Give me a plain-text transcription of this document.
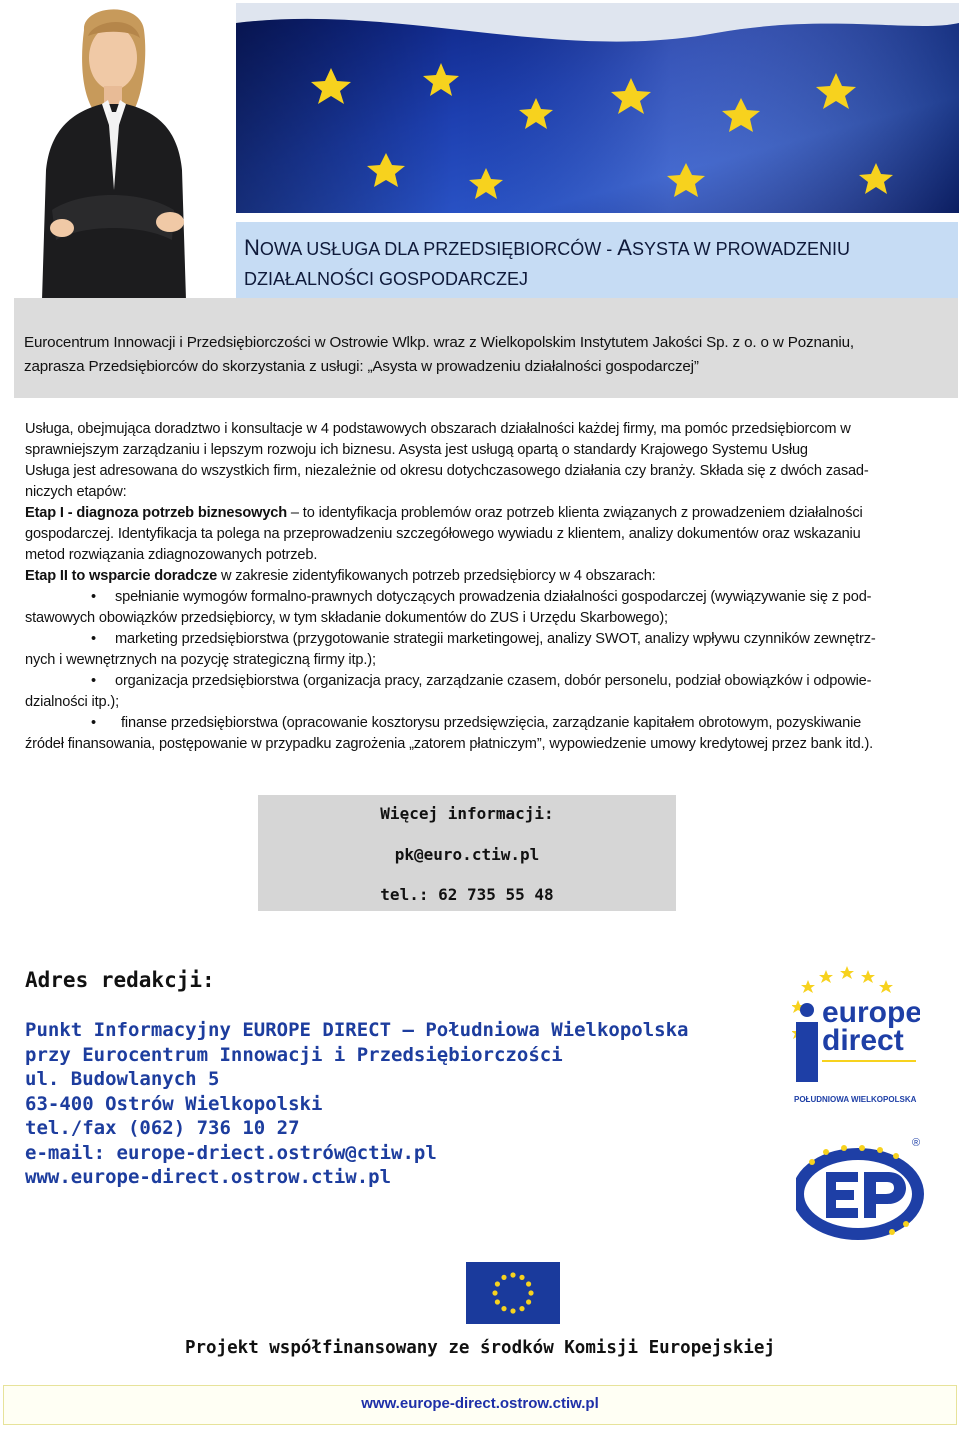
NOWA USŁUGA DLA PRZEDSIĘBIORCÓW - ASYSTA W PROWADZENIU
DZIAŁALNOŚCI GOSPODARCZEJ

Eurocentrum Innowacji i Przedsiębiorczości w Ostrowie Wlkp. wraz z Wielkopolskim Instytutem Jakości Sp. z o. o w Poznaniu,

zaprasza Przedsiębiorców do skorzystania z usługi: „Asysta w prowadzeniu działalności gospodarczej”

Usługa, obejmująca doradztwo i konsultacje w 4 podstawowych obszarach działalności każdej firmy, ma pomóc przedsiębiorcom w
sprawniejszym zarządzaniu i lepszym rozwoju ich biznesu. Asysta jest usługą opartą o standardy Krajowego Systemu Usług
Usługa jest adresowana do wszystkich firm, niezależnie od okresu dotychczasowego działania czy branży. Składa się z dwóch zasad-
niczych etapów:
Etap I - diagnoza potrzeb biznesowych – to identyfikacja problemów oraz potrzeb klienta związanych z prowadzeniem działalności
gospodarczej. Identyfikacja ta polega na przeprowadzeniu szczegółowego wywiadu z klientem, analizy dokumentów oraz wskazaniu
metod rozwiązania zdiagnozowanych potrzeb.
Etap II to wsparcie doradcze w zakresie zidentyfikowanych potrzeb przedsiębiorcy w 4 obszarach:
• spełnianie wymogów formalno-prawnych dotyczących prowadzenia działalności gospodarczej (wywiązywanie się z pod-
stawowych obowiązków przedsiębiorcy, w tym składanie dokumentów do ZUS i Urzędu Skarbowego);
• marketing przedsiębiorstwa (przygotowanie strategii marketingowej, analizy SWOT, analizy wpływu czynników zewnętrz-
nych i wewnętrznych na pozycję strategiczną firmy itp.);
• organizacja przedsiębiorstwa (organizacja pracy, zarządzanie czasem, dobór personelu, podział obowiązków i odpowie-
dzialności itp.);
• finanse przedsiębiorstwa (opracowanie kosztorysu przedsięwzięcia, zarządzanie kapitałem obrotowym, pozyskiwanie
źródeł finansowania, postępowanie w przypadku zagrożenia „zatorem płatniczym”, wypowiedzenie umowy kredytowej przez bank itd.).
Więcej informacji:
pk@euro.ctiw.pl
tel.: 62 735 55 48
Adres redakcji:
Punkt Informacyjny EUROPE DIRECT – Południowa Wielkopolska
przy Eurocentrum Innowacji i Przedsiębiorczości
ul. Budowlanych 5
63-400 Ostrów Wielkopolski
tel./fax (062) 736 10 27
e-mail: europe-driect.ostrów@ctiw.pl
www.europe-direct.ostrow.ctiw.pl
europe
direct
POŁUDNIOWA WIELKOPOLSKA
®
Projekt współfinansowany ze środków Komisji Europejskiej
www.europe-direct.ostrow.ctiw.pl
